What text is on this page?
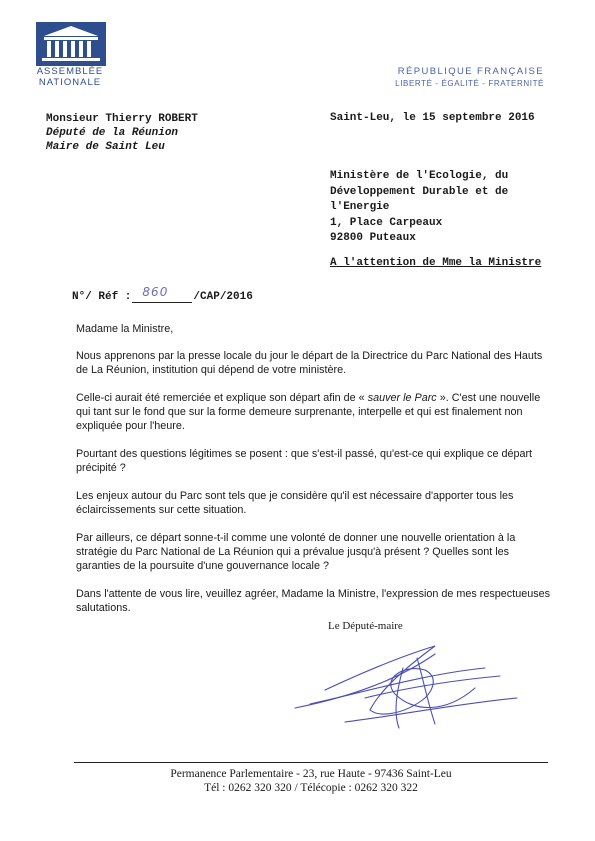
ASSEMBLÉE
NATIONALE
RÉPUBLIQUE FRANÇAISE
LIBERTÉ - ÉGALITÉ - FRATERNITÉ
Monsieur Thierry ROBERT
Député de la Réunion
Maire de Saint Leu
Saint-Leu, le 15 septembre 2016
Ministère de l'Ecologie, du
Développement Durable et de
l'Energie
1, Place Carpeaux
92800 Puteaux
A l'attention de Mme la Ministre
N°/ Réf : 860 /CAP/2016

Madame la Ministre,

Nous apprenons par la presse locale du jour le départ de la Directrice du Parc National des Hauts de La Réunion, institution qui dépend de votre ministère.

Celle-ci aurait été remerciée et explique son départ afin de « sauver le Parc ». C'est une nouvelle qui tant sur le fond que sur la forme demeure surprenante, interpelle et qui est finalement non expliquée pour l'heure.

Pourtant des questions légitimes se posent : que s'est-il passé, qu'est-ce qui explique ce départ précipité ?

Les enjeux autour du Parc sont tels que je considère qu'il est nécessaire d'apporter tous les éclaircissements sur cette situation.

Par ailleurs, ce départ sonne-t-il comme une volonté de donner une nouvelle orientation à la stratégie du Parc National de La Réunion qui a prévalue jusqu'à présent ? Quelles sont les garanties de la poursuite d'une gouvernance locale ?

Dans l'attente de vous lire, veuillez agréer, Madame la Ministre, l'expression de mes respectueuses salutations.

Le Député-maire
Permanence Parlementaire - 23, rue Haute - 97436 Saint-Leu
Tél : 0262 320 320 / Télécopie : 0262 320 322
